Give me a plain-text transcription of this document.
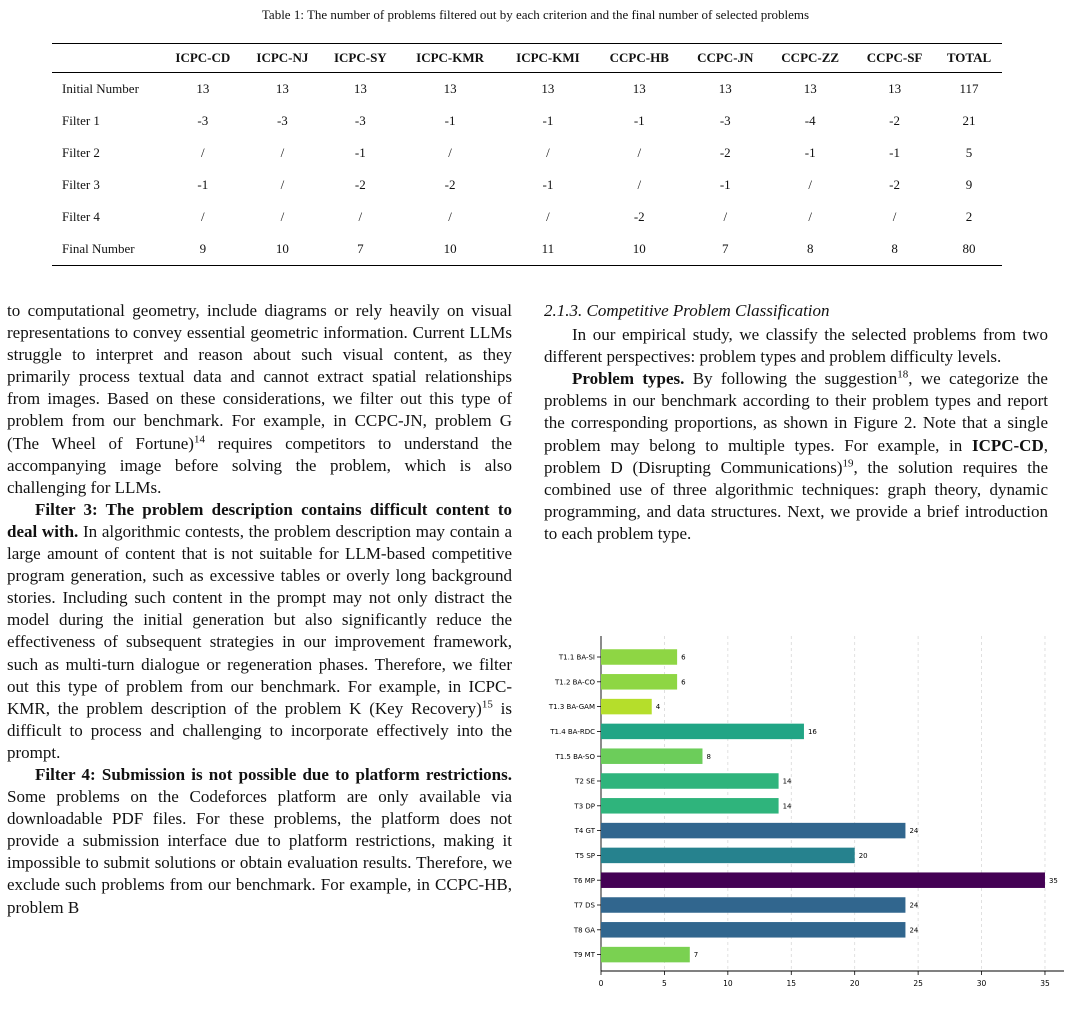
Table 1: The number of problems filtered out by each criterion and the final number of selected problems
	ICPC-CD	ICPC-NJ	ICPC-SY	ICPC-KMR	ICPC-KMI	CCPC-HB	CCPC-JN	CCPC-ZZ	CCPC-SF	TOTAL
Initial Number	13	13	13	13	13	13	13	13	13	117
Filter 1	-3	-3	-3	-1	-1	-1	-3	-4	-2	21
Filter 2	/	/	-1	/	/	/	-2	-1	-1	5
Filter 3	-1	/	-2	-2	-1	/	-1	/	-2	9
Filter 4	/	/	/	/	/	-2	/	/	/	2
Final Number	9	10	7	10	11	10	7	8	8	80

to computational geometry, include diagrams or rely heavily on visual representations to convey essential geometric information. Current LLMs struggle to interpret and reason about such visual content, as they primarily process textual data and cannot extract spatial relationships from images. Based on these considerations, we filter out this type of problem from our benchmark. For example, in CCPC-JN, problem G (The Wheel of Fortune)$^{14}$ requires competitors to understand the accompanying image before solving the problem, which is also challenging for LLMs.

Filter 3: The problem description contains difficult content to deal with. In algorithmic contests, the problem description may contain a large amount of content that is not suitable for LLM-based competitive program generation, such as excessive tables or overly long background stories. Including such content in the prompt may not only distract the model during the initial generation but also significantly reduce the effectiveness of subsequent strategies in our improvement framework, such as multi-turn dialogue or regeneration phases. Therefore, we filter out this type of problem from our benchmark. For example, in ICPC-KMR, the problem description of the problem K (Key Recovery)$^{15}$ is difficult to process and challenging to incorporate effectively into the prompt.

Filter 4: Submission is not possible due to platform restrictions. Some problems on the Codeforces platform are only available via downloadable PDF files. For these problems, the platform does not provide a submission interface due to platform restrictions, making it impossible to submit solutions or obtain evaluation results. Therefore, we exclude such problems from our benchmark. For example, in CCPC-HB, problem B

2.1.3. Competitive Problem Classification

In our empirical study, we classify the selected problems from two different perspectives: problem types and problem difficulty levels.

Problem types. By following the suggestion$^{18}$, we categorize the problems in our benchmark according to their problem types and report the corresponding proportions, as shown in Figure 2. Note that a single problem may belong to multiple types. For example, in ICPC-CD, problem D (Disrupting Communications)$^{19}$, the solution requires the combined use of three algorithmic techniques: graph theory, dynamic programming, and data structures. Next, we provide a brief introduction to each problem type.

0	5	10	15	20	25	30	35
T1.1 BA-SI	6
T1.2 BA-CO	6
T1.3 BA-GAM	4
T1.4 BA-RDC	16
T1.5 BA-SO	8
T2 SE	14
T3 DP	14
T4 GT	24
T5 SP	20
T6 MP	35
T7 DS	24
T8 GA	24
T9 MT	7
